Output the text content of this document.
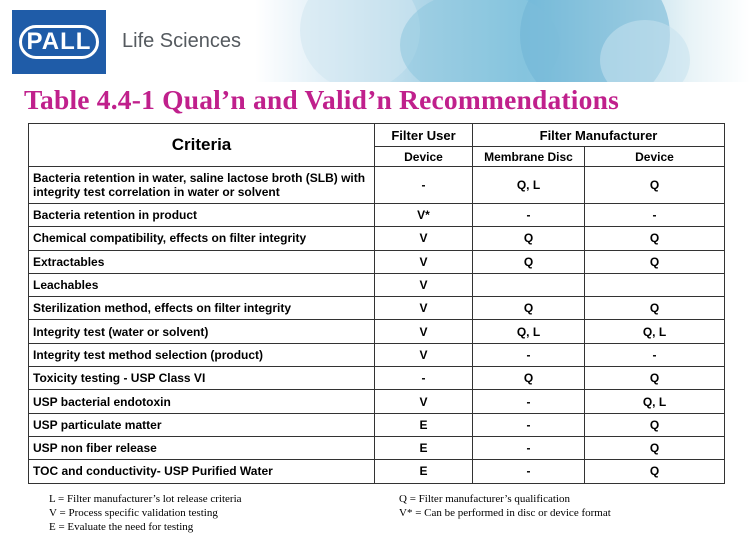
PALL	Life Sciences
Table 4.4-1 Qual’n and Valid’n Recommendations
Criteria	Filter User	Filter Manufacturer	
	Device	Membrane Disc	Device
Bacteria retention in water, saline lactose broth (SLB) with integrity test correlation in water or solvent	-	Q, L	Q
Bacteria retention in product	V*	-	-
Chemical compatibility, effects on filter integrity	V	Q	Q
Extractables	V	Q	Q
Leachables	V		
Sterilization method, effects on filter integrity	V	Q	Q
Integrity test (water or solvent)	V	Q, L	Q, L
Integrity test method selection (product)	V	-	-
Toxicity testing - USP Class VI	-	Q	Q
USP bacterial endotoxin	V	-	Q, L
USP particulate matter	E	-	Q
USP non fiber release	E	-	Q
TOC and conductivity- USP Purified Water	E	-	Q
L = Filter manufacturer’s lot release criteria
V = Process specific validation testing
E = Evaluate the need for testing
Q = Filter manufacturer’s qualification
V* = Can be performed in disc or device format
